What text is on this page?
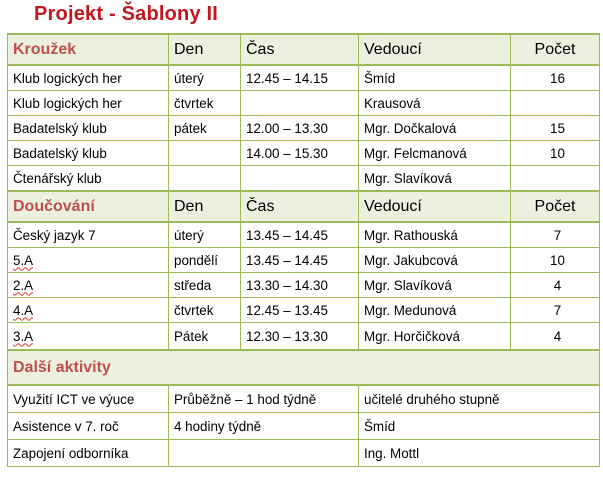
Projekt - Šablony II
Kroužek	Den	Čas	Vedoucí	Počet
Klub logických her	úterý	12.45 – 14.15	Šmíd	16
Klub logických her	čtvrtek		Krausová	
Badatelský klub	pátek	12.00 – 13.30	Mgr. Dočkalová	15
Badatelský klub		14.00 – 15.30	Mgr. Felcmanová	10
Čtenářský klub			Mgr. Slavíková	
Doučování	Den	Čas	Vedoucí	Počet
Český jazyk 7	úterý	13.45 – 14.45	Mgr. Rathouská	7
5.A	pondělí	13.45 – 14.45	Mgr. Jakubcová	10
2.A	středa	13.30 – 14.30	Mgr. Slavíková	4
4.A	čtvrtek	12.45 – 13.45	Mgr. Medunová	7
3.A	Pátek	12.30 – 13.30	Mgr. Horčičková	4
Další aktivity				
Využití ICT ve výuce	Průběžně – 1 hod týdně		učitelé druhého stupně	
Asistence v 7. roč	4 hodiny týdně		Šmíd	
Zapojení odborníka			Ing. Mottl	
